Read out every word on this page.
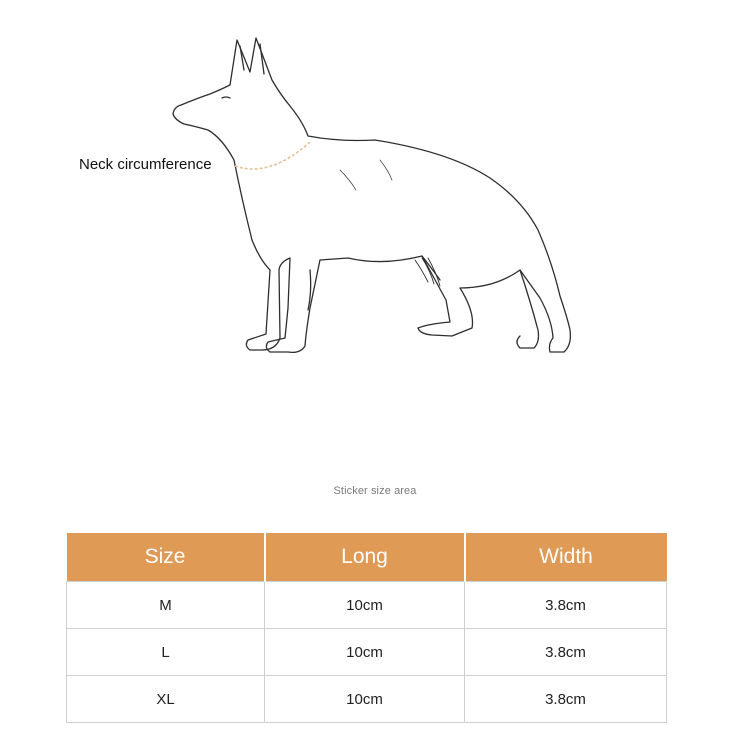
Neck circumference
Sticker size area
Size	Long	Width
M	10cm	3.8cm
L	10cm	3.8cm
XL	10cm	3.8cm
